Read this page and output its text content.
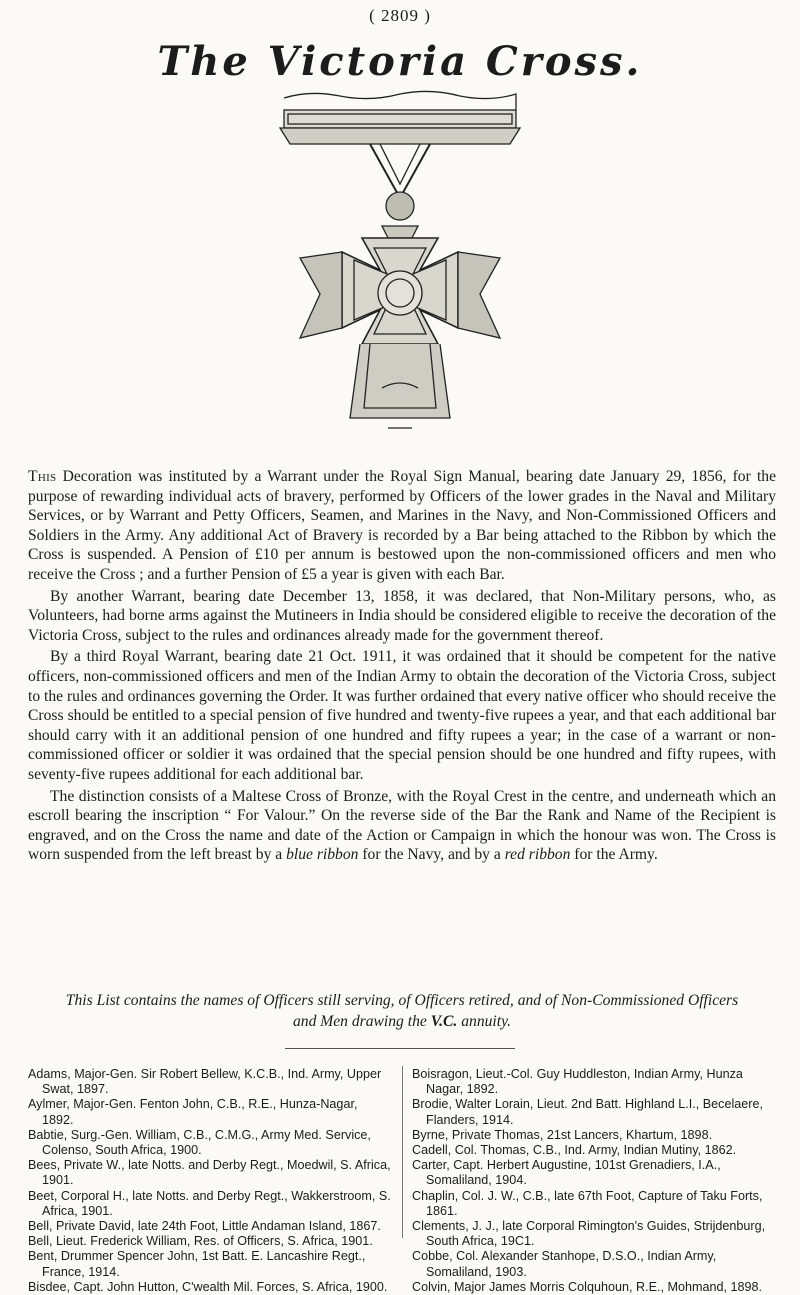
( 2809 )
The Victoria Cross.

This Decoration was instituted by a Warrant under the Royal Sign Manual, bearing date January 29, 1856, for the purpose of rewarding individual acts of bravery, performed by Officers of the lower grades in the Naval and Military Services, or by Warrant and Petty Officers, Seamen, and Marines in the Navy, and Non-Commissioned Officers and Soldiers in the Army. Any additional Act of Bravery is recorded by a Bar being attached to the Ribbon by which the Cross is suspended. A Pension of £10 per annum is bestowed upon the non-commissioned officers and men who receive the Cross ; and a further Pension of £5 a year is given with each Bar.

By another Warrant, bearing date December 13, 1858, it was declared, that Non-Military persons, who, as Volunteers, had borne arms against the Mutineers in India should be considered eligible to receive the decoration of the Victoria Cross, subject to the rules and ordinances already made for the government thereof.

By a third Royal Warrant, bearing date 21 Oct. 1911, it was ordained that it should be competent for the native officers, non-commissioned officers and men of the Indian Army to obtain the decoration of the Victoria Cross, subject to the rules and ordinances governing the Order. It was further ordained that every native officer who should receive the Cross should be entitled to a special pension of five hundred and twenty-five rupees a year, and that each additional bar should carry with it an additional pension of one hundred and fifty rupees a year; in the case of a warrant or non-commissioned officer or soldier it was ordained that the special pension should be one hundred and fifty rupees, with seventy-five rupees additional for each additional bar.

The distinction consists of a Maltese Cross of Bronze, with the Royal Crest in the centre, and underneath which an escroll bearing the inscription “ For Valour.” On the reverse side of the Bar the Rank and Name of the Recipient is engraved, and on the Cross the name and date of the Action or Campaign in which the honour was won. The Cross is worn suspended from the left breast by a blue ribbon for the Navy, and by a red ribbon for the Army.

This List contains the names of Officers still serving, of Officers retired, and of Non-Commissioned Officers
and Men drawing the V.C. annuity.

Adams, Major-Gen. Sir Robert Bellew, K.C.B., Ind. Army, Upper Swat, 1897.

Aylmer, Major-Gen. Fenton John, C.B., R.E., Hunza-Nagar, 1892.

Babtie, Surg.-Gen. William, C.B., C.M.G., Army Med. Service, Colenso, South Africa, 1900.

Bees, Private W., late Notts. and Derby Regt., Moedwil, S. Africa, 1901.

Beet, Corporal H., late Notts. and Derby Regt., Wakkerstroom, S. Africa, 1901.

Bell, Private David, late 24th Foot, Little Andaman Island, 1867.

Bell, Lieut. Frederick William, Res. of Officers, S. Africa, 1901.

Bent, Drummer Spencer John, 1st Batt. E. Lancashire Regt., France, 1914.

Bisdee, Capt. John Hutton, C'wealth Mil. Forces, S. Africa, 1900.

Boisragon, Lieut.-Col. Guy Huddleston, Indian Army, Hunza Nagar, 1892.

Brodie, Walter Lorain, Lieut. 2nd Batt. Highland L.I., Becelaere, Flanders, 1914.

Byrne, Private Thomas, 21st Lancers, Khartum, 1898.

Cadell, Col. Thomas, C.B., Ind. Army, Indian Mutiny, 1862.

Carter, Capt. Herbert Augustine, 101st Grenadiers, I.A., Somaliland, 1904.

Chaplin, Col. J. W., C.B., late 67th Foot, Capture of Taku Forts, 1861.

Clements, J. J., late Corporal Rimington's Guides, Strijdenburg, South Africa, 19C1.

Cobbe, Col. Alexander Stanhope, D.S.O., Indian Army, Somaliland, 1903.

Colvin, Major James Morris Colquhoun, R.E., Mohmand, 1898.
